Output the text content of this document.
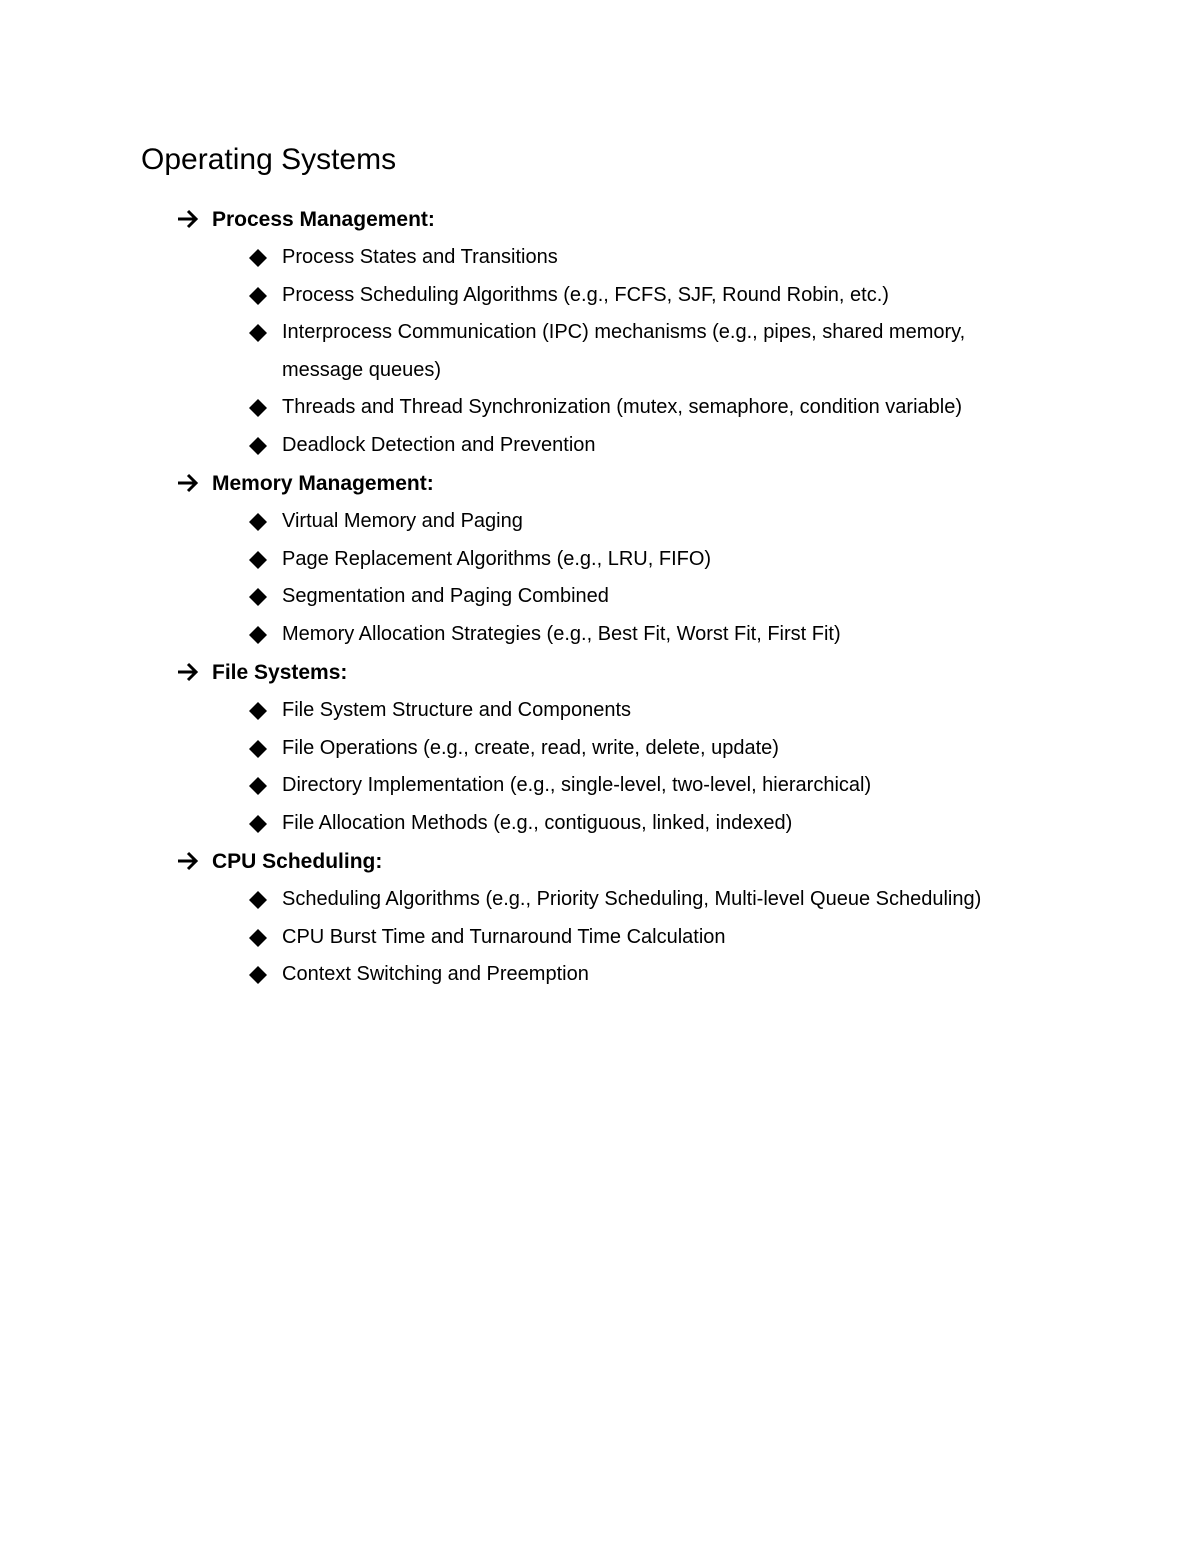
Operating Systems
Process Management:
Process States and Transitions
Process Scheduling Algorithms (e.g., FCFS, SJF, Round Robin, etc.)
Interprocess Communication (IPC) mechanisms (e.g., pipes, shared memory, message queues)
Threads and Thread Synchronization (mutex, semaphore, condition variable)
Deadlock Detection and Prevention
Memory Management:
Virtual Memory and Paging
Page Replacement Algorithms (e.g., LRU, FIFO)
Segmentation and Paging Combined
Memory Allocation Strategies (e.g., Best Fit, Worst Fit, First Fit)
File Systems:
File System Structure and Components
File Operations (e.g., create, read, write, delete, update)
Directory Implementation (e.g., single-level, two-level, hierarchical)
File Allocation Methods (e.g., contiguous, linked, indexed)
CPU Scheduling:
Scheduling Algorithms (e.g., Priority Scheduling, Multi-level Queue Scheduling)
CPU Burst Time and Turnaround Time Calculation
Context Switching and Preemption
